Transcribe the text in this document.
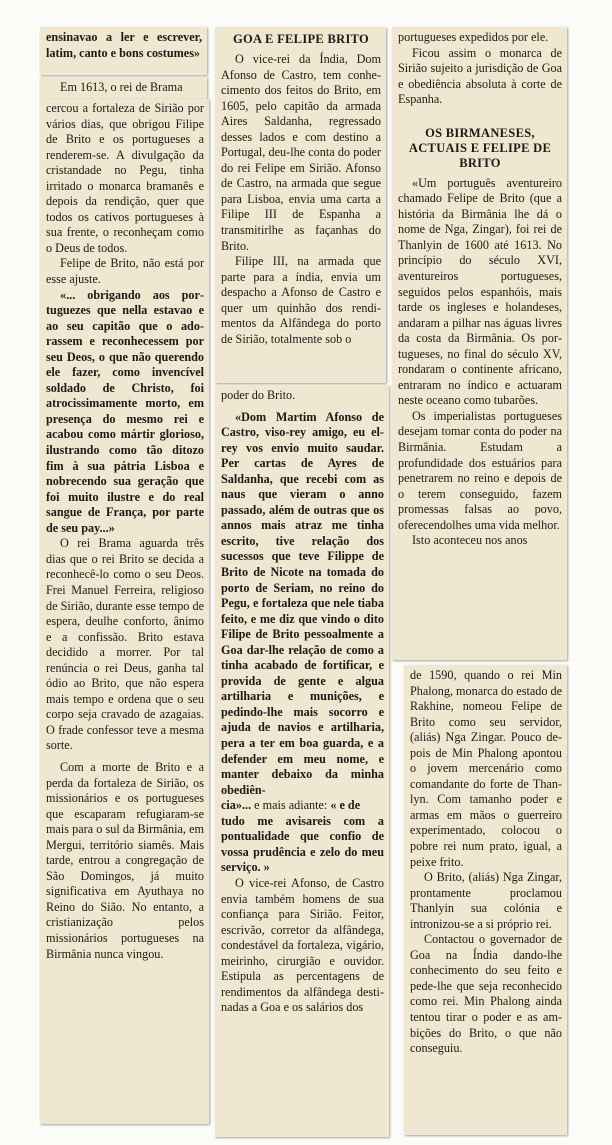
ensinavao a ler e escrever, latim, canto e bons costumes»

Em 1613, o rei de Brama

cercou a fortaleza de Sirião por vários dias, que obrigou Filipe de Brito e os portugueses a renderem-se. A divulgação da cristandade no Pegu, tinha irritado o monarca bramanês e depois da rendição, quer que todos os cativos portugueses à sua frente, o reconheçam como o Deus de todos.

Felipe de Brito, não está por esse ajuste.

«... obrigando aos portuguezes que nella estavao e ao seu capitão que o adorassem e reconhecessem por seu Deos, o que não querendo ele fazer, como invencível soldado de Christo, foi atrocissimamente morto, em presença do mesmo rei e acabou como mártir glorioso, ilustrando como tão ditozo fim à sua pátria Lisboa e nobrecendo sua geração que foi muito ilustre e do real sangue de França, por parte de seu pay...»

O rei Brama aguarda três dias que o rei Brito se decida a reconhecê-lo como o seu Deos. Frei Manuel Ferreira, religioso de Sirião, durante esse tempo de espera, deulhe conforto, ânimo e a confissão. Brito estava decidido a morrer. Por tal renúncia o rei Deus, ganha tal ódio ao Brito, que não espera mais tempo e ordena que o seu corpo seja cravado de azagaias. O frade confessor teve a mesma sorte.

Com a morte de Brito e a perda da fortaleza de Sirião, os missionários e os portugueses que escaparam refugiaram-se mais para o sul da Birmânia, em Mergui, território siamês. Mais tarde, entrou a congregação de São Domingos, já muito significativa em Ayuthaya no Reino do Sião. No entanto, a cristianização pelos missionários portugueses na Birmânia nunca vingou.

GOA E FELIPE BRITO

O vice-rei da Índia, Dom Afonso de Castro, tem conhecimento dos feitos do Brito, em 1605, pelo capitão da armada Aires Saldanha, regressado desses lados e com destino a Portugal, deu-lhe conta do poder do rei Felipe em Sirião. Afonso de Castro, na armada que segue para Lisboa, envia uma carta a Filipe III de Espanha a transmitirlhe as façanhas do Brito.

Filipe III, na armada que parte para a índia, envia um despacho a Afonso de Castro e quer um quinhão dos rendimentos da Alfândega do porto de Sirião, totalmente sob o

poder do Brito.

«Dom Martim Afonso de Castro, viso-rey amigo, eu el-rey vos envio muito saudar. Per cartas de Ayres de Saldanha, que recebi com as naus que vieram o anno passado, além de outras que os annos mais atraz me tinha escrito, tive relação dos sucessos que teve Filippe de Brito de Nicote na tomada do porto de Seriam, no reino do Pegu, e fortaleza que nele tiaba feito, e me diz que vindo o dito Filipe de Brito pessoalmente a Goa dar-lhe relação de como a tinha acabado de fortificar, e provida de gente e algua artilharia e munições, e pedindo-lhe mais socorro e ajuda de navios e artilharia, pera a ter em boa guarda, e a defender em meu nome, e manter debaixo da minha obediên-

cia»... e mais adiante: « e de

tudo me avisareis com a pontualidade que confio de vossa prudência e zelo do meu serviço. »

O vice-rei Afonso, de Castro envia também homens de sua confiança para Sirião. Feitor, escrivão, corretor da alfândega, condestável da fortaleza, vigário, meirinho, cirurgião e ouvidor. Estipula as percentagens de rendimentos da alfândega destinadas a Goa e os salários dos

portugueses expedidos por ele.

Ficou assim o monarca de Sirião sujeito a jurisdição de Goa e obediência absoluta à corte de Espanha.

OS BIRMANESES, ACTUAIS E FELIPE DE BRITO

«Um português aventureiro chamado Felipe de Brito (que a história da Birmânia lhe dá o nome de Nga, Zingar), foi rei de Thanlyin de 1600 até 1613. No princípio do século XVI, aventureiros portugueses, seguidos pelos espanhóis, mais tarde os ingleses e holandeses, andaram a pilhar nas águas livres da costa da Birmânia. Os portugueses, no final do século XV, rondaram o continente africano, entraram no índico e actuaram neste oceano como tubarões.

Os imperialistas portugueses desejam tomar conta do poder na Birmânia. Estudam a profundidade dos estuários para penetrarem no reino e depois de o terem conseguido, fazem promessas falsas ao povo, oferecendolhes uma vida melhor.

Isto aconteceu nos anos

de 1590, quando o rei Min Phalong, monarca do estado de Rakhine, nomeou Felipe de Brito como seu servidor, (aliás) Nga Zingar. Pouco depois de Min Phalong apontou o jovem mercenário como comandante do forte de Thanlyn. Com tamanho poder e armas em mãos o guerreiro experimentado, colocou o pobre rei num prato, igual, a peixe frito.

O Brito, (aliás) Nga Zingar, prontamente proclamou Thanlyin sua colónia e intronizou-se a si próprio rei.

Contactou o governador de Goa na Índia dando-lhe conhecimento do seu feito e pede-lhe que seja reconhecido como rei. Min Phalong ainda tentou tirar o poder e as ambições do Brito, o que não conseguiu.
